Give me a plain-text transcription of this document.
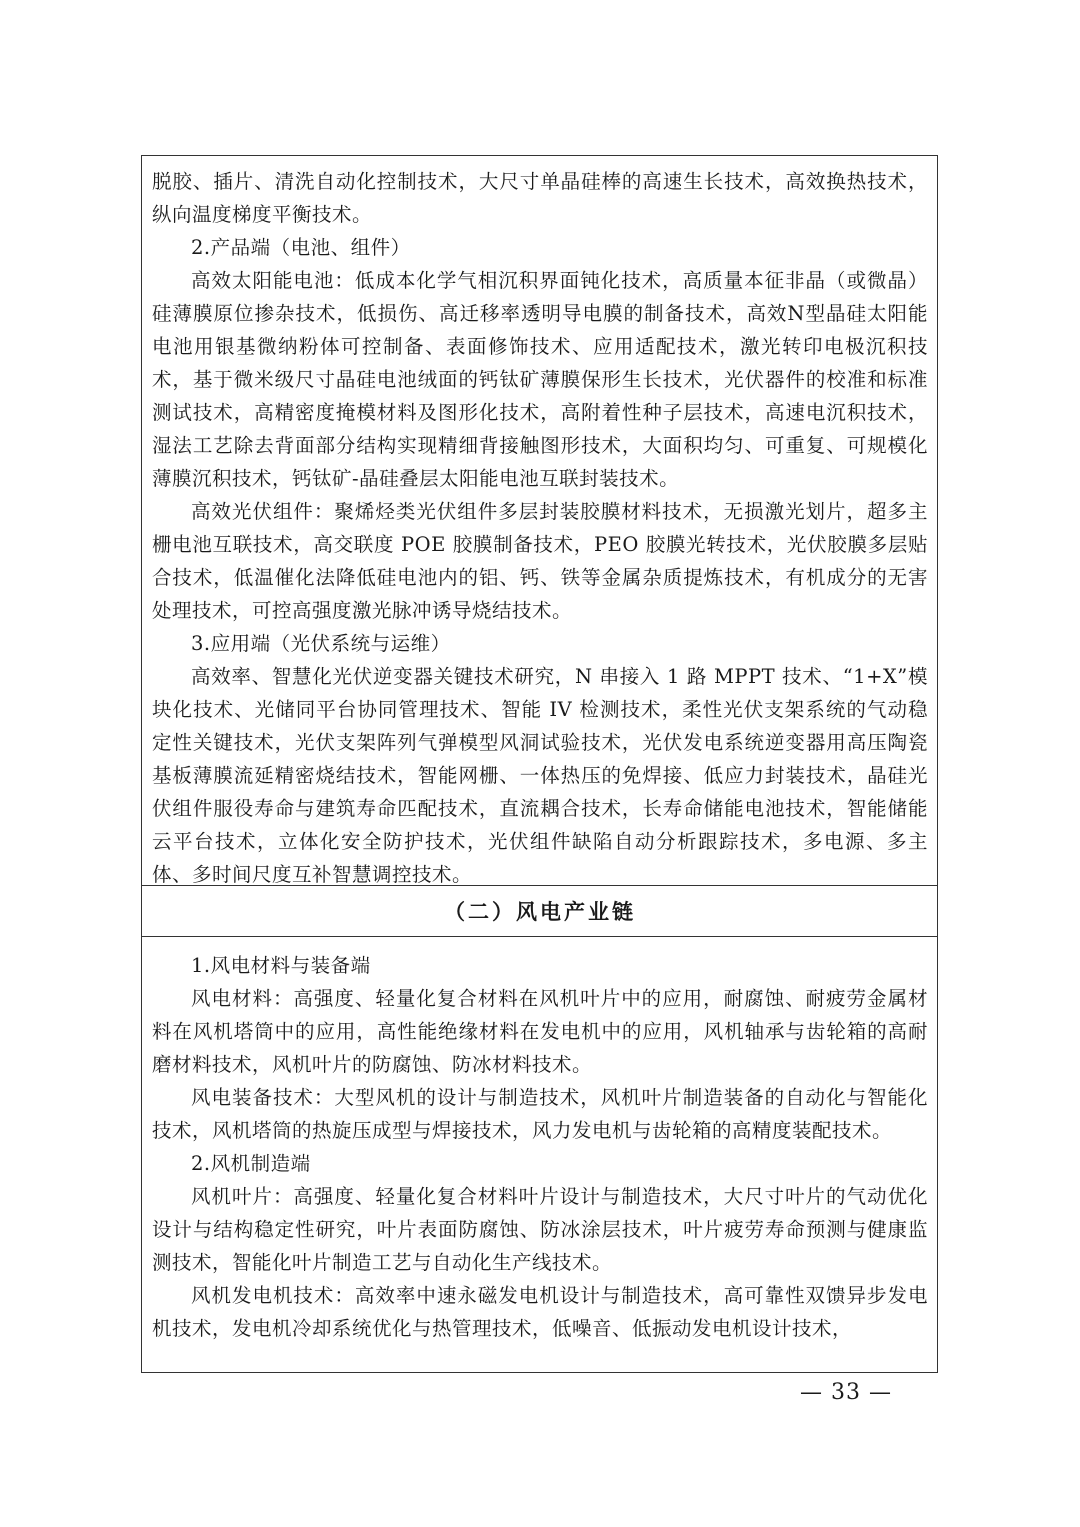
脱胶、插片、清洗自动化控制技术，大尺寸单晶硅棒的高速生长技术，高效换热技术，纵向温度梯度平衡技术。

2.产品端（电池、组件）

高效太阳能电池：低成本化学气相沉积界面钝化技术，高质量本征非晶（或微晶）硅薄膜原位掺杂技术，低损伤、高迁移率透明导电膜的制备技术，高效N型晶硅太阳能电池用银基微纳粉体可控制备、表面修饰技术、应用适配技术，激光转印电极沉积技术，基于微米级尺寸晶硅电池绒面的钙钛矿薄膜保形生长技术，光伏器件的校准和标准测试技术，高精密度掩模材料及图形化技术，高附着性种子层技术，高速电沉积技术，湿法工艺除去背面部分结构实现精细背接触图形技术，大面积均匀、可重复、可规模化薄膜沉积技术，钙钛矿-晶硅叠层太阳能电池互联封装技术。

高效光伏组件：聚烯烃类光伏组件多层封装胶膜材料技术，无损激光划片，超多主栅电池互联技术，高交联度 POE 胶膜制备技术，PEO 胶膜光转技术，光伏胶膜多层贴合技术，低温催化法降低硅电池内的铝、钙、铁等金属杂质提炼技术，有机成分的无害处理技术，可控高强度激光脉冲诱导烧结技术。

3.应用端（光伏系统与运维）

高效率、智慧化光伏逆变器关键技术研究，N 串接入 1 路 MPPT 技术、“1+X”模块化技术、光储同平台协同管理技术、智能 IV 检测技术，柔性光伏支架系统的气动稳定性关键技术，光伏支架阵列气弹模型风洞试验技术，光伏发电系统逆变器用高压陶瓷基板薄膜流延精密烧结技术，智能网栅、一体热压的免焊接、低应力封装技术，晶硅光伏组件服役寿命与建筑寿命匹配技术，直流耦合技术，长寿命储能电池技术，智能储能云平台技术，立体化安全防护技术，光伏组件缺陷自动分析跟踪技术，多电源、多主体、多时间尺度互补智慧调控技术。

（二）风电产业链

1.风电材料与装备端

风电材料：高强度、轻量化复合材料在风机叶片中的应用，耐腐蚀、耐疲劳金属材料在风机塔筒中的应用，高性能绝缘材料在发电机中的应用，风机轴承与齿轮箱的高耐磨材料技术，风机叶片的防腐蚀、防冰材料技术。

风电装备技术：大型风机的设计与制造技术，风机叶片制造装备的自动化与智能化技术，风机塔筒的热旋压成型与焊接技术，风力发电机与齿轮箱的高精度装配技术。

2.风机制造端

风机叶片：高强度、轻量化复合材料叶片设计与制造技术，大尺寸叶片的气动优化设计与结构稳定性研究，叶片表面防腐蚀、防冰涂层技术，叶片疲劳寿命预测与健康监测技术，智能化叶片制造工艺与自动化生产线技术。

风机发电机技术：高效率中速永磁发电机设计与制造技术，高可靠性双馈异步发电机技术，发电机冷却系统优化与热管理技术，低噪音、低振动发电机设计技术，

— 33 —
